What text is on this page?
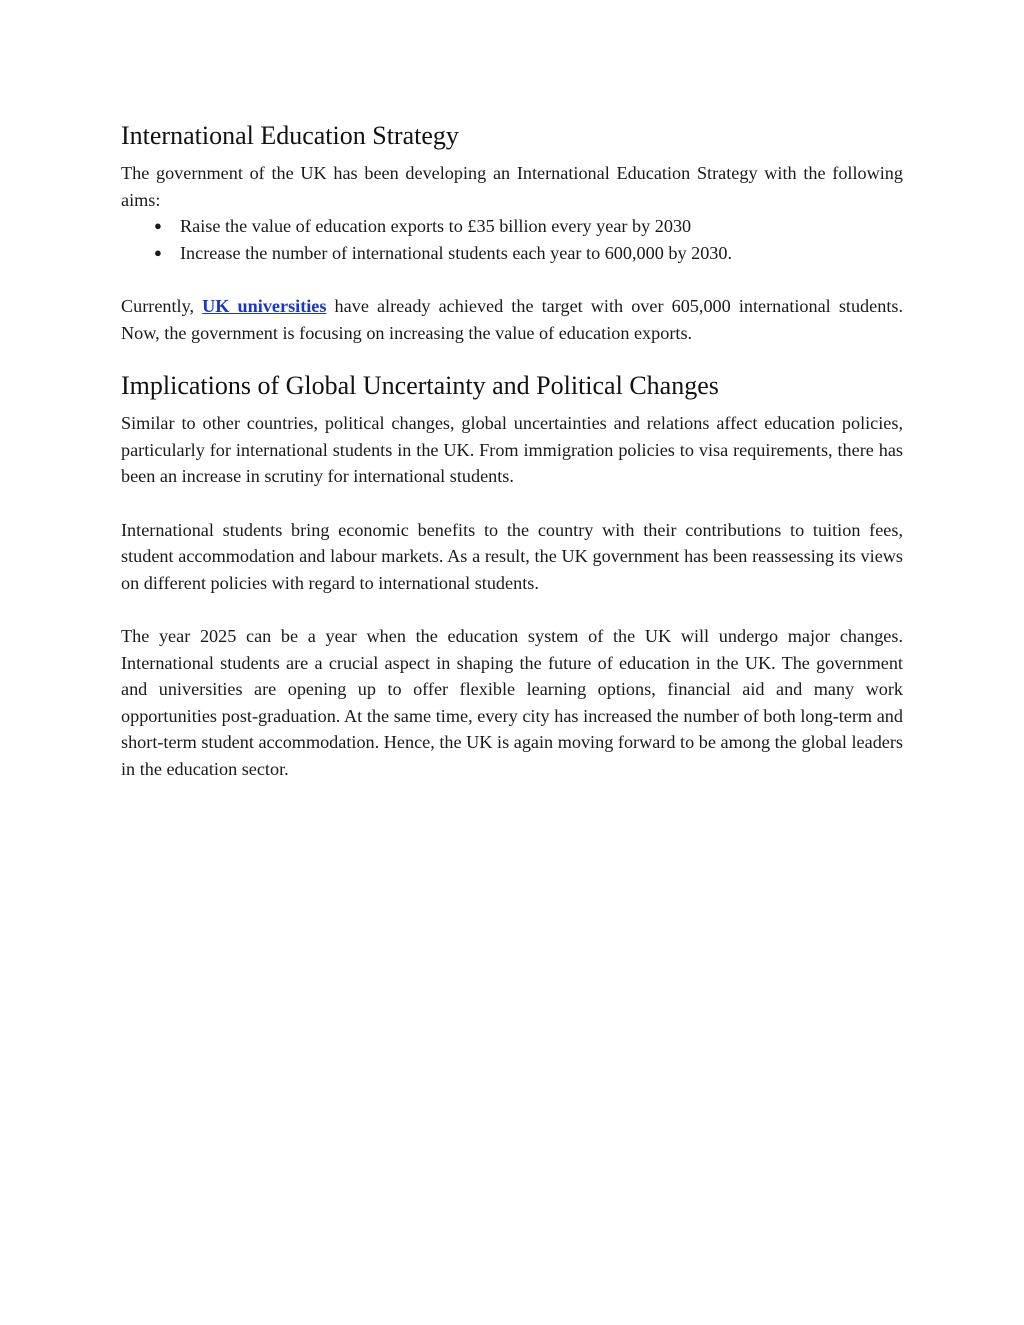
International Education Strategy

The government of the UK has been developing an International Education Strategy with the following aims:

● Raise the value of education exports to £35 billion every year by 2030
● Increase the number of international students each year to 600,000 by 2030.

Currently, UK universities have already achieved the target with over 605,000 international students. Now, the government is focusing on increasing the value of education exports.

Implications of Global Uncertainty and Political Changes

Similar to other countries, political changes, global uncertainties and relations affect education policies, particularly for international students in the UK. From immigration policies to visa requirements, there has been an increase in scrutiny for international students.

International students bring economic benefits to the country with their contributions to tuition fees, student accommodation and labour markets. As a result, the UK government has been reassessing its views on different policies with regard to international students.

The year 2025 can be a year when the education system of the UK will undergo major changes. International students are a crucial aspect in shaping the future of education in the UK. The government and universities are opening up to offer flexible learning options, financial aid and many work opportunities post-graduation. At the same time, every city has increased the number of both long-term and short-term student accommodation. Hence, the UK is again moving forward to be among the global leaders in the education sector.
